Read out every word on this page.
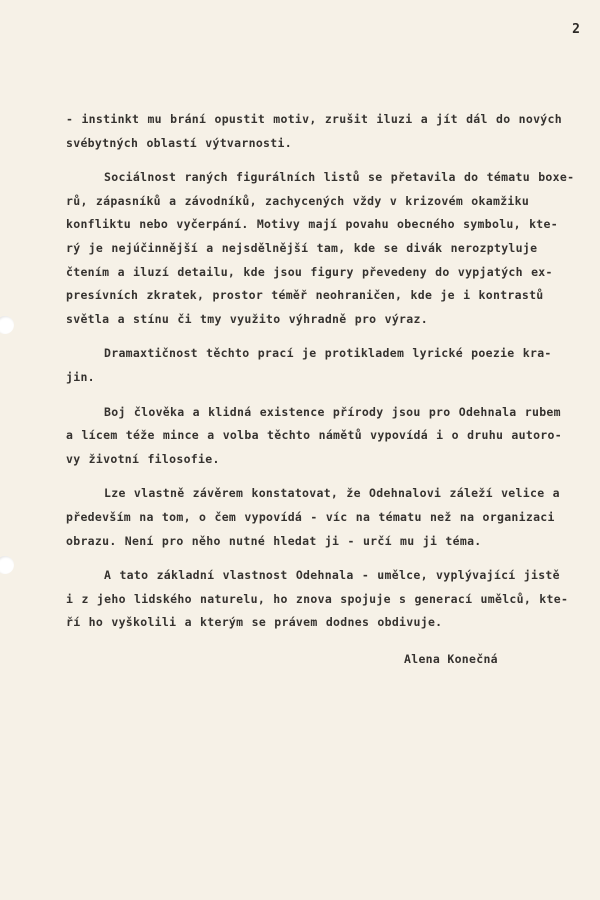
2
- instinkt mu brání opustit motiv, zrušit iluzi a jít dál do nových
svébytných oblastí výtvarnosti.
Sociálnost raných figurálních listů se přetavila do tématu boxe-
rů, zápasníků a závodníků, zachycených vždy v krizovém okamžiku
konfliktu nebo vyčerpání. Motivy mají povahu obecného symbolu, kte-
rý je nejúčinnější a nejsdělnější tam, kde se divák nerozptyluje
čtením a iluzí detailu, kde jsou figury převedeny do vypjatých ex-
presívních zkratek, prostor téměř neohraničen, kde je i kontrastů
světla a stínu či tmy využito výhradně pro výraz.
Dramaxtičnost těchto prací je protikladem lyrické poezie kra-
jin.
Boj člověka a klidná existence přírody jsou pro Odehnala rubem
a lícem téže mince a volba těchto námětů vypovídá i o druhu autoro-
vy životní filosofie.
Lze vlastně závěrem konstatovat, že Odehnalovi záleží velice a
především na tom, o čem vypovídá - víc na tématu než na organizaci
obrazu. Není pro něho nutné hledat ji - určí mu ji téma.
A tato základní vlastnost Odehnala - umělce, vyplývající jistě
i z jeho lidského naturelu, ho znova spojuje s generací umělců, kte-
ří ho vyškolili a kterým se právem dodnes obdivuje.
Alena Konečná
